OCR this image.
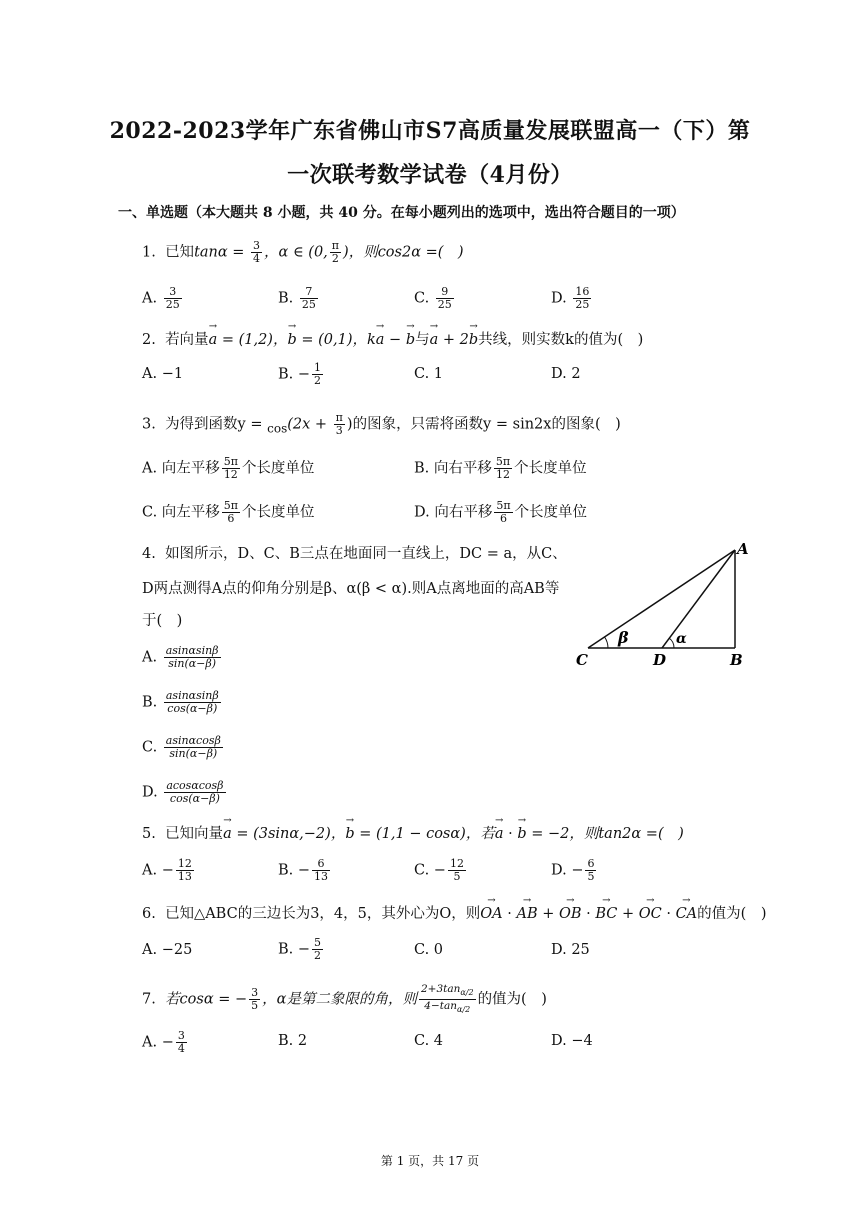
2022-2023学年广东省佛山市S7高质量发展联盟高一（下）第
一次联考数学试卷（4月份）
一、单选题（本大题共 8 小题，共 40 分。在每小题列出的选项中，选出符合题目的一项）
1. 已知$\tan\alpha = \frac{3}{4}$ ，α ∈ (0, $\frac{\pi}{2}$ )，则cos2α =(　)
A. $\frac{3}{25}$	B. $\frac{7}{25}$	C. $\frac{9}{25}$	D. $\frac{16}{25}$
2. 若向量a → = (1,2)，b → = (0,1)，ka → − b →与a → + 2b →共线，则实数k的值为(　)
A. −1	B. − $\frac{1}{2}$	C. 1	D. 2
3. 为得到函数$y = _{cos}(2x + \frac{\pi}{3}$ )的图象，只需将函数y = sin2x的图象(　)
A. 向左平移 $\frac{5\pi}{12}$ 个长度单位	B. 向右平移 $\frac{5\pi}{12}$ 个长度单位
C. 向左平移 $\frac{5\pi}{6}$ 个长度单位	D. 向右平移 $\frac{5\pi}{6}$ 个长度单位
4. 如图所示，D、C、B三点在地面同一直线上，DC = a，从C、
D两点测得A点的仰角分别是β、α(β < α).则A点离地面的高AB等
于(　)
A. $\frac{asin\alpha\sin\beta}{\sin(\alpha-\beta)}$
B. $\frac{asin\alpha\sin\beta}{\cos(\alpha-\beta)}$
C. $\frac{asin\alpha\cos\beta}{\sin(\alpha-\beta)}$
D. $\frac{acos\alpha\cos\beta}{\cos(\alpha-\beta)}$
A
B
C	D
β	α
5. 已知向量a → = (3sinα,−2)，b → = (1,1 − cosα)，若a → · b → = −2，则tan2α =(　)
A. − $\frac{12}{13}$	B. − $\frac{6}{13}$	C. − $\frac{12}{5}$	D. − $\frac{6}{5}$
6. 已知△ABC的三边长为3，4，5，其外心为O，则OA → · AB → + OB → · BC → + OC → · CA →的值为(　)
A. −25	B. − $\frac{5}{2}$	C. 0	D. 25
7. 若cosα = − $\frac{3}{5}$ ，α是第二象限的角，则 $\frac{2+3\tan_{\alpha/2}}{4-\tan_{\alpha/2}}$ 的值为(　)
A. − $\frac{3}{4}$	B. 2	C. 4	D. −4
第 1 页，共 17 页
